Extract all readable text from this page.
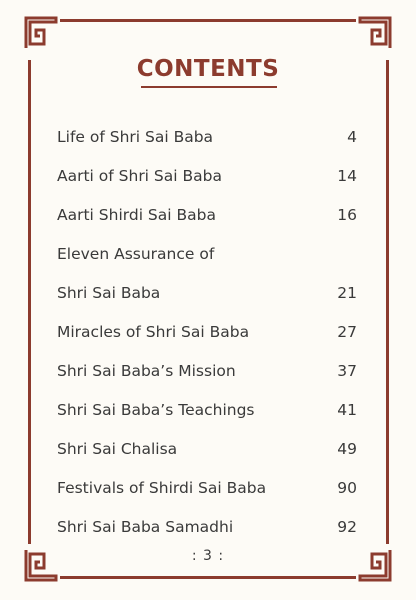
CONTENTS
Life of Shri Sai Baba	4
Aarti of Shri Sai Baba	14
Aarti Shirdi Sai Baba	16
Eleven Assurance of
Shri Sai Baba	21
Miracles of Shri Sai Baba	27
Shri Sai Baba’s Mission	37
Shri Sai Baba’s Teachings	41
Shri Sai Chalisa	49
Festivals of Shirdi Sai Baba	90
Shri Sai Baba Samadhi	92
: 3 :
